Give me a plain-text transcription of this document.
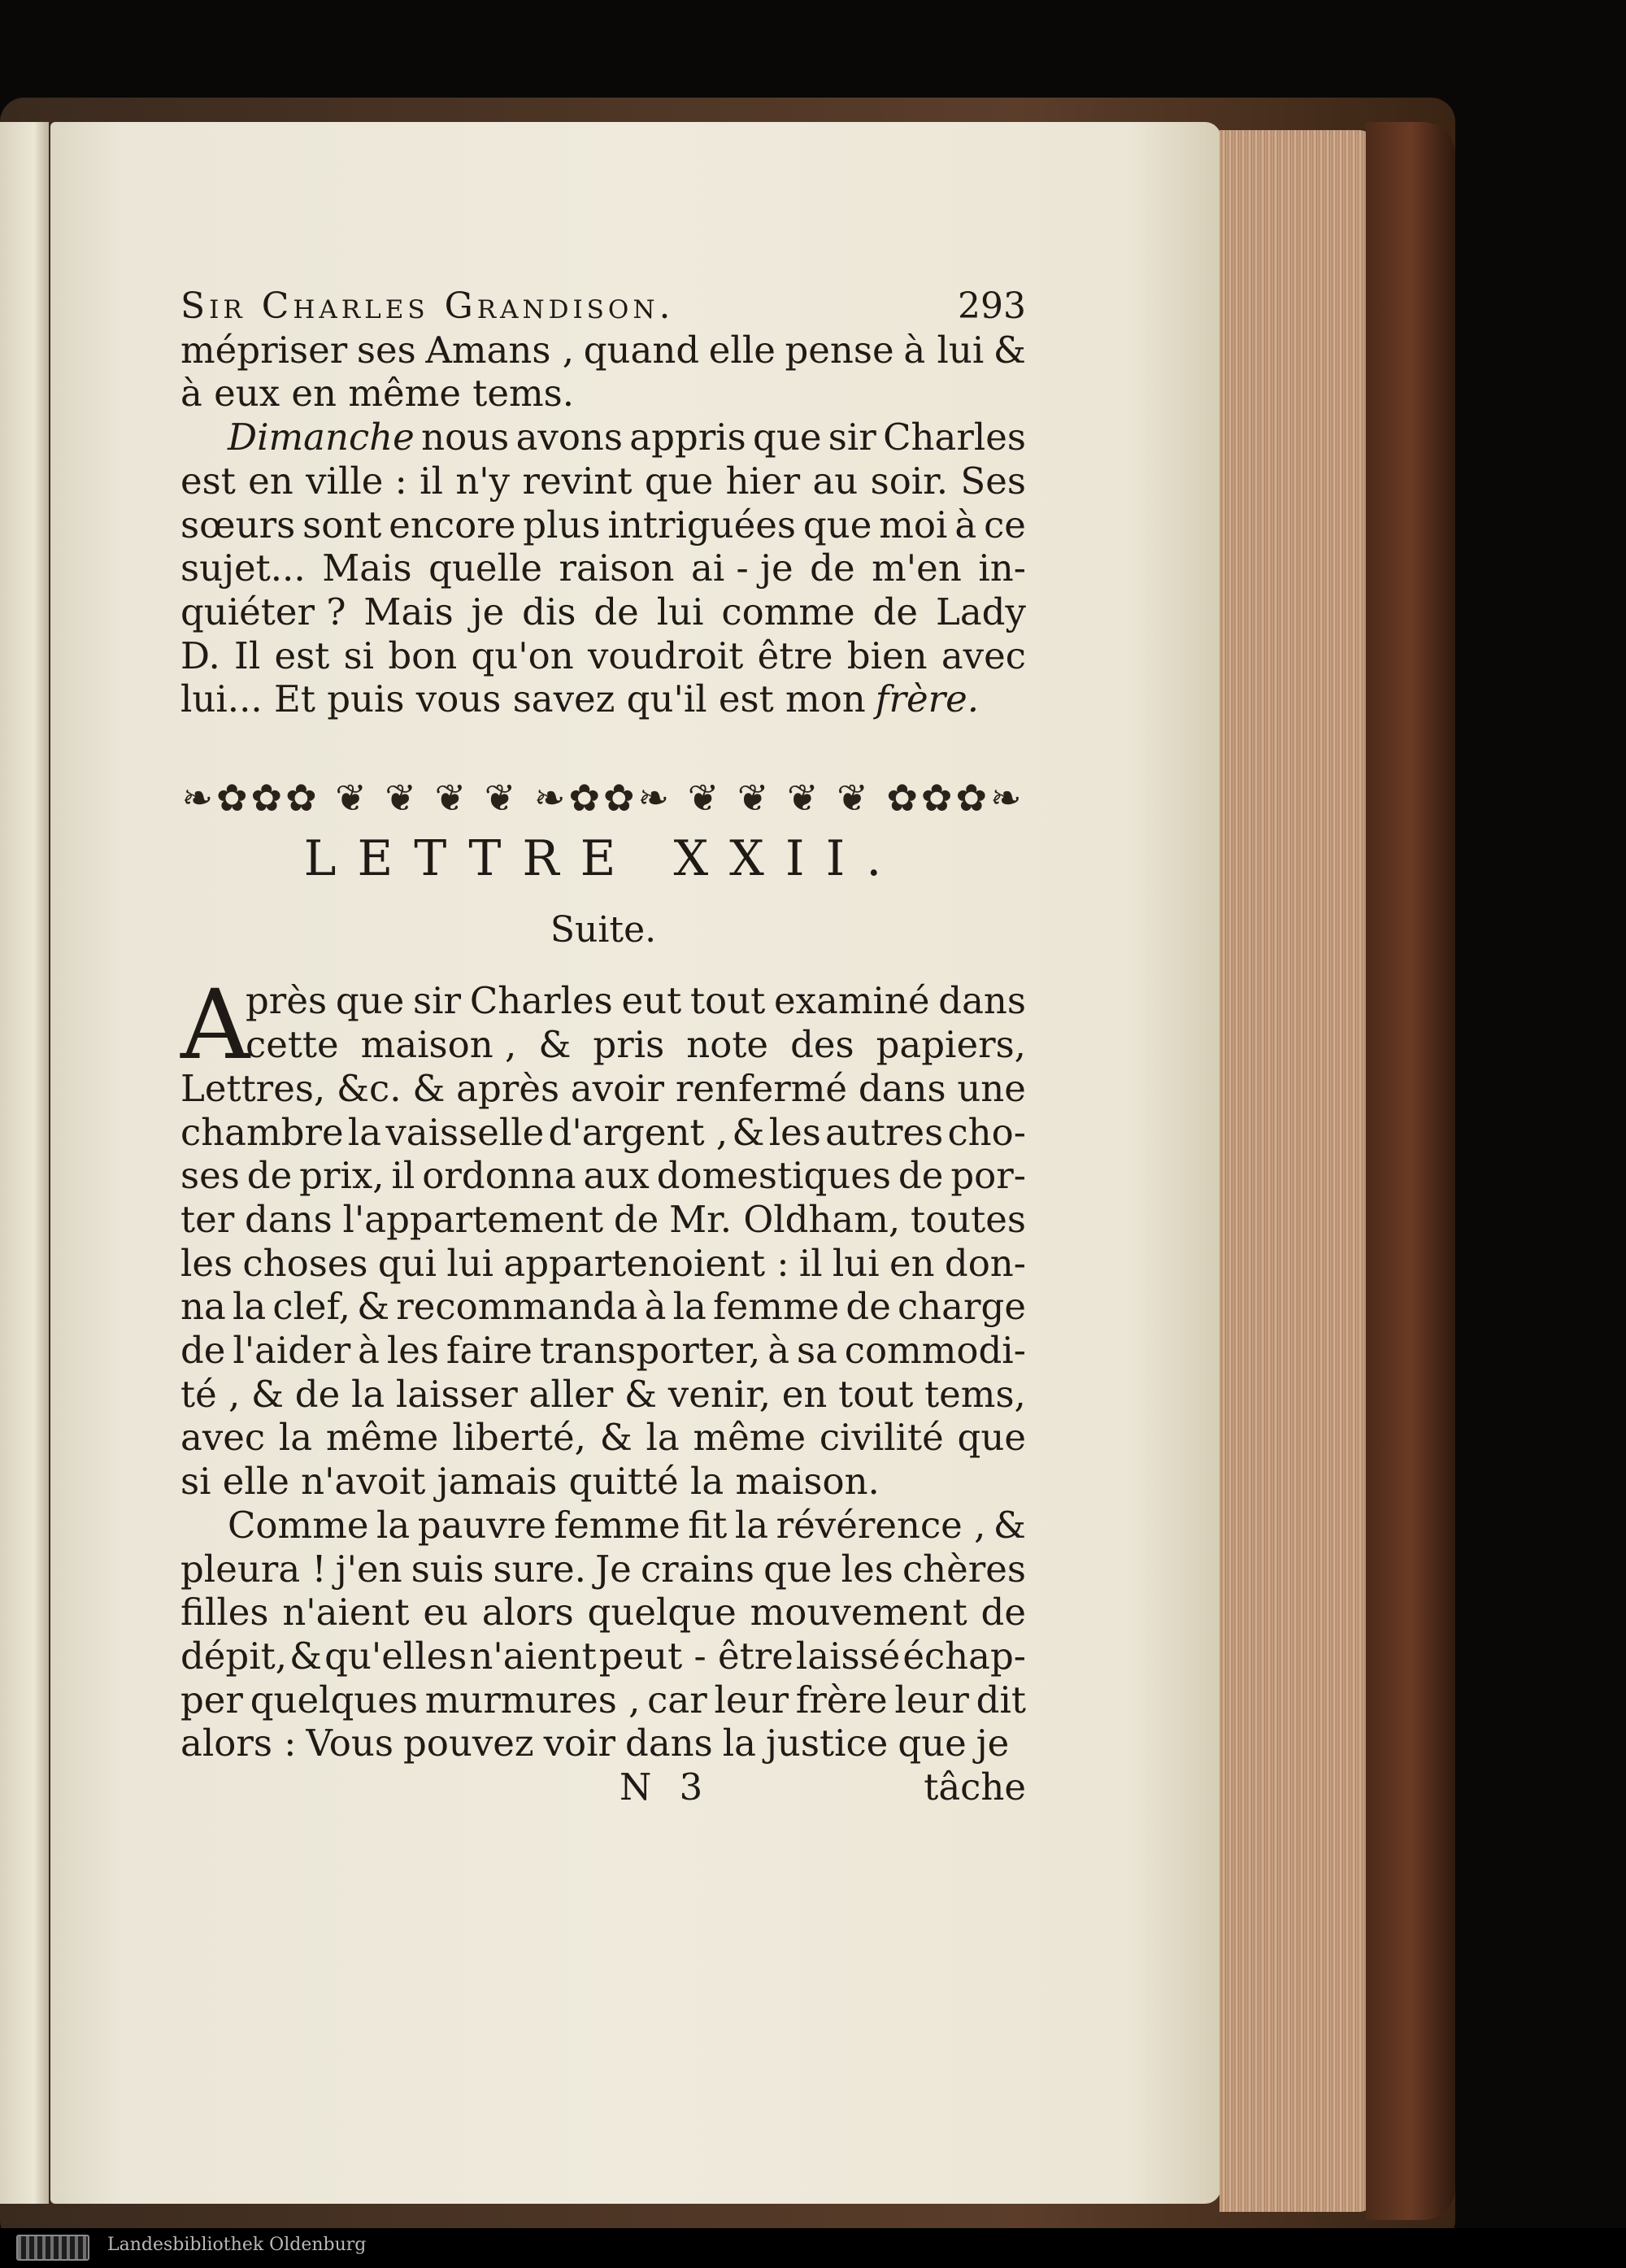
Sir Charles Grandison.	293
mépriser ses Amans , quand elle pense à lui &
à eux en même tems.
Dimanche nous avons appris que sir Charles
est en ville : il n'y revint que hier au soir. Ses
sœurs sont encore plus intriguées que moi à ce
sujet... Mais quelle raison ai - je de m'en in-
quiéter ? Mais je dis de lui comme de Lady
D. Il est si bon qu'on voudroit être bien avec
lui... Et puis vous savez qu'il est mon frère.
❧✿✿✿ ❦ ❦ ❦ ❦ ❧✿✿❧ ❦ ❦ ❦ ❦ ✿✿✿❧
LETTRE XXII.
Suite.
A
près que sir Charles eut tout examiné dans
cette maison , & pris note des papiers,
Lettres, &c. & après avoir renfermé dans une
chambre la vaisselle d'argent , & les autres cho-
ses de prix, il ordonna aux domestiques de por-
ter dans l'appartement de Mr. Oldham, toutes
les choses qui lui appartenoient : il lui en don-
na la clef, & recommanda à la femme de charge
de l'aider à les faire transporter, à sa commodi-
té , & de la laisser aller & venir, en tout tems,
avec la même liberté, & la même civilité que
si elle n'avoit jamais quitté la maison.
Comme la pauvre femme fit la révérence , &
pleura ! j'en suis sure. Je crains que les chères
filles n'aient eu alors quelque mouvement de
dépit, & qu'elles n'aient peut - être laissé échap-
per quelques murmures , car leur frère leur dit
alors : Vous pouvez voir dans la justice que je
N 3	tâche
Landesbibliothek Oldenburg
